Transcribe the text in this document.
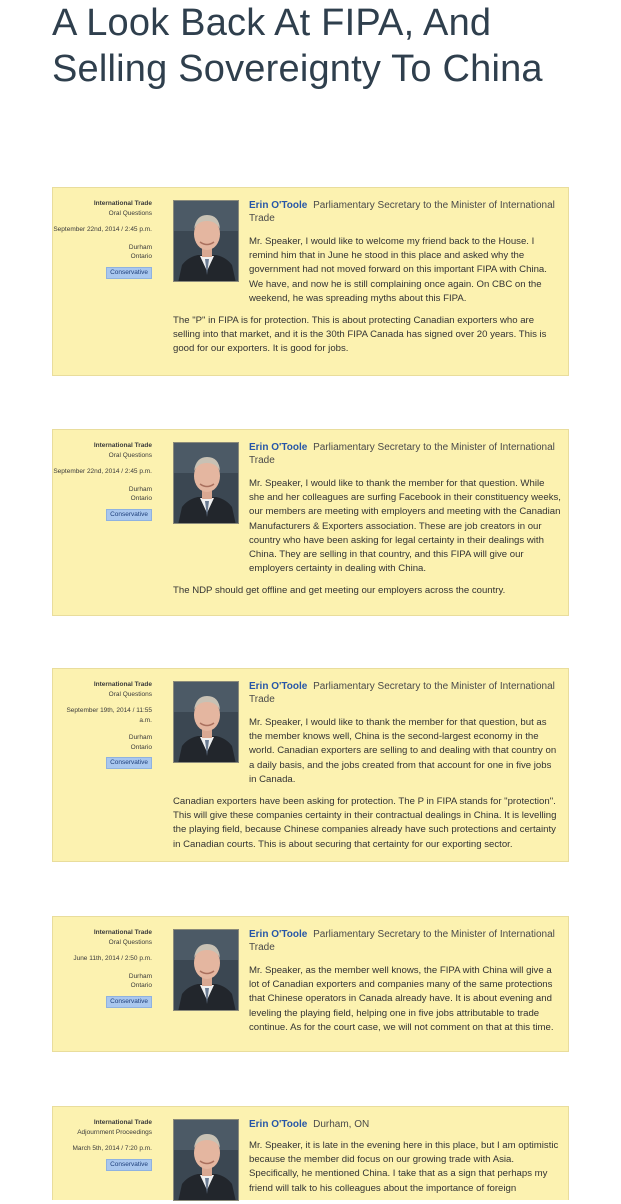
A Look Back At FIPA, And Selling Sovereignty To China
International Trade
Oral Questions
September 22nd, 2014 / 2:45 p.m.
Durham
Ontario
Conservative
Erin O'Toole Parliamentary Secretary to the Minister of International Trade

Mr. Speaker, I would like to welcome my friend back to the House. I remind him that in June he stood in this place and asked why the government had not moved forward on this important FIPA with China. We have, and now he is still complaining once again. On CBC on the weekend, he was spreading myths about this FIPA.

The "P" in FIPA is for protection. This is about protecting Canadian exporters who are selling into that market, and it is the 30th FIPA Canada has signed over 20 years. This is good for our exporters. It is good for jobs.

International Trade
Oral Questions
September 22nd, 2014 / 2:45 p.m.
Durham
Ontario
Conservative
Erin O'Toole Parliamentary Secretary to the Minister of International Trade

Mr. Speaker, I would like to thank the member for that question. While she and her colleagues are surfing Facebook in their constituency weeks, our members are meeting with employers and meeting with the Canadian Manufacturers & Exporters association. These are job creators in our country who have been asking for legal certainty in their dealings with China. They are selling in that country, and this FIPA will give our employers certainty in dealing with China.

The NDP should get offline and get meeting our employers across the country.

International Trade
Oral Questions
September 19th, 2014 / 11:55 a.m.
Durham
Ontario
Conservative
Erin O'Toole Parliamentary Secretary to the Minister of International Trade

Mr. Speaker, I would like to thank the member for that question, but as the member knows well, China is the second-largest economy in the world. Canadian exporters are selling to and dealing with that country on a daily basis, and the jobs created from that account for one in five jobs in Canada.

Canadian exporters have been asking for protection. The P in FIPA stands for "protection". This will give these companies certainty in their contractual dealings in China. It is levelling the playing field, because Chinese companies already have such protections and certainty in Canadian courts. This is about securing that certainty for our exporting sector.

International Trade
Oral Questions
June 11th, 2014 / 2:50 p.m.
Durham
Ontario
Conservative
Erin O'Toole Parliamentary Secretary to the Minister of International Trade

Mr. Speaker, as the member well knows, the FIPA with China will give a lot of Canadian exporters and companies many of the same protections that Chinese operators in Canada already have. It is about evening and leveling the playing field, helping one in five jobs attributable to trade continue. As for the court case, we will not comment on that at this time.

International Trade
Adjournment Proceedings
March 5th, 2014 / 7:20 p.m.
Conservative
Erin O'Toole Durham, ON

Mr. Speaker, it is late in the evening here in this place, but I am optimistic because the member did focus on our growing trade with Asia. Specifically, he mentioned China. I take that as a sign that perhaps my friend will talk to his colleagues about the importance of foreign
